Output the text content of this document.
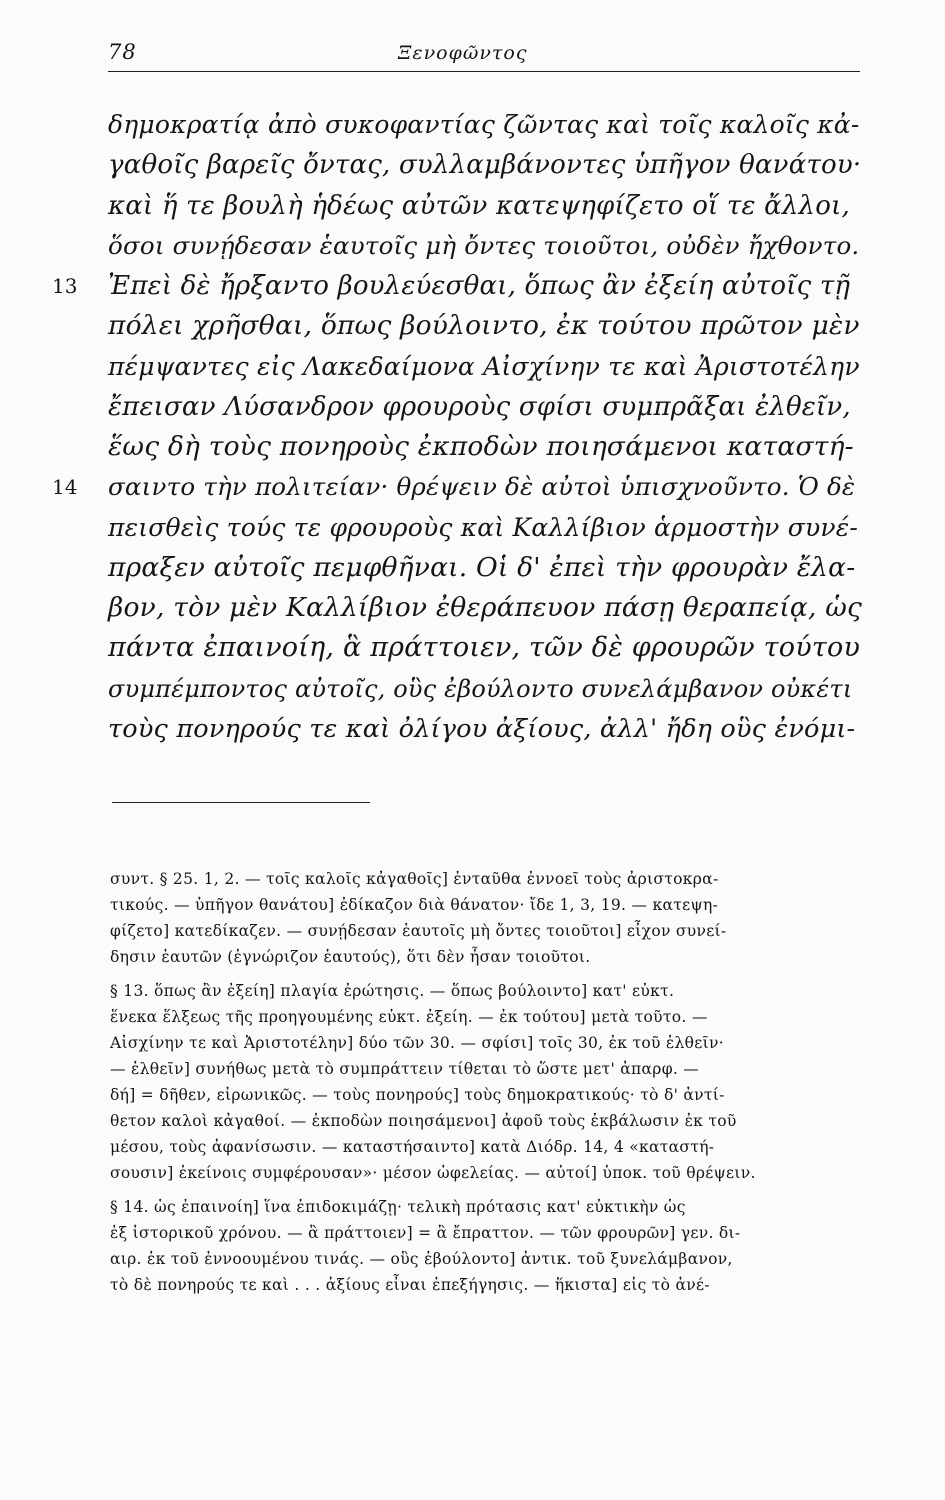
78	Ξενοφῶντος
δημοκρατίᾳ ἀπὸ συκοφαντίας ζῶντας καὶ τοῖς καλοῖς κἀ-
γαθοῖς βαρεῖς ὄντας, συλλαμβάνοντες ὑπῆγον θανάτου·
καὶ ἥ τε βουλὴ ἡδέως αὐτῶν κατεψηφίζετο οἵ τε ἄλλοι,
ὅσοι συνῄδεσαν ἑαυτοῖς μὴ ὄντες τοιοῦτοι, οὐδὲν ἤχθοντο.
13 Ἐπεὶ δὲ ἤρξαντο βουλεύεσθαι, ὅπως ἂν ἐξείη αὐτοῖς τῇ
πόλει χρῆσθαι, ὅπως βούλοιντο, ἐκ τούτου πρῶτον μὲν
πέμψαντες εἰς Λακεδαίμονα Αἰσχίνην τε καὶ Ἀριστοτέλην
ἔπεισαν Λύσανδρον φρουροὺς σφίσι συμπρᾶξαι ἐλθεῖν,
ἕως δὴ τοὺς πονηροὺς ἐκποδὼν ποιησάμενοι καταστή-
14 σαιντο τὴν πολιτείαν· θρέψειν δὲ αὐτοὶ ὑπισχνοῦντο. Ὁ δὲ
πεισθεὶς τούς τε φρουροὺς καὶ Καλλίβιον ἁρμοστὴν συνέ-
πραξεν αὐτοῖς πεμφθῆναι. Οἱ δ' ἐπεὶ τὴν φρουρὰν ἔλα-
βον, τὸν μὲν Καλλίβιον ἐθεράπευον πάσῃ θεραπείᾳ, ὡς
πάντα ἐπαινοίη, ἃ πράττοιεν, τῶν δὲ φρουρῶν τούτου
συμπέμποντος αὐτοῖς, οὓς ἐβούλοντο συνελάμβανον οὐκέτι
τοὺς πονηρούς τε καὶ ὀλίγου ἀξίους, ἀλλ' ἤδη οὓς ἐνόμι-
συντ. § 25. 1, 2. — τοῖς καλοῖς κἀγαθοῖς] ἐνταῦθα ἐννοεῖ τοὺς ἀριστοκρα-
τικούς. — ὑπῆγον θανάτου] ἐδίκαζον διὰ θάνατον· ἴδε 1, 3, 19. — κατεψη-
φίζετο] κατεδίκαζεν. — συνῄδεσαν ἑαυτοῖς μὴ ὄντες τοιοῦτοι] εἶχον συνεί-
δησιν ἑαυτῶν (ἐγνώριζον ἑαυτούς), ὅτι δὲν ἦσαν τοιοῦτοι.
§ 13. ὅπως ἂν ἐξείη] πλαγία ἐρώτησις. — ὅπως βούλοιντο] κατ' εὐκτ.
ἕνεκα ἕλξεως τῆς προηγουμένης εὐκτ. ἐξείη. — ἐκ τούτου] μετὰ τοῦτο. —
Αἰσχίνην τε καὶ Ἀριστοτέλην] δύο τῶν 30. — σφίσι] τοῖς 30, ἐκ τοῦ ἐλθεῖν·
— ἐλθεῖν] συνήθως μετὰ τὸ συμπράττειν τίθεται τὸ ὥστε μετ' ἀπαρφ. —
δή] = δῆθεν, εἰρωνικῶς. — τοὺς πονηρούς] τοὺς δημοκρατικούς· τὸ δ' ἀντί-
θετον καλοὶ κἀγαθοί. — ἐκποδὼν ποιησάμενοι] ἀφοῦ τοὺς ἐκβάλωσιν ἐκ τοῦ
μέσου, τοὺς ἀφανίσωσιν. — καταστήσαιντο] κατὰ Διόδρ. 14, 4 «καταστή-
σουσιν] ἐκείνοις συμφέρουσαν»· μέσον ὠφελείας. — αὐτοί] ὑποκ. τοῦ θρέψειν.
§ 14. ὡς ἐπαινοίη] ἵνα ἐπιδοκιμάζῃ· τελικὴ πρότασις κατ' εὐκτικὴν ὡς
ἐξ ἱστορικοῦ χρόνου. — ἃ πράττοιεν] = ἃ ἔπραττον. — τῶν φρουρῶν] γεν. δι-
αιρ. ἐκ τοῦ ἐννοουμένου τινάς. — οὓς ἐβούλοντο] ἀντικ. τοῦ ξυνελάμβανον,
τὸ δὲ πονηρούς τε καὶ . . . ἀξίους εἶναι ἐπεξήγησις. — ἥκιστα] εἰς τὸ ἀνέ-
